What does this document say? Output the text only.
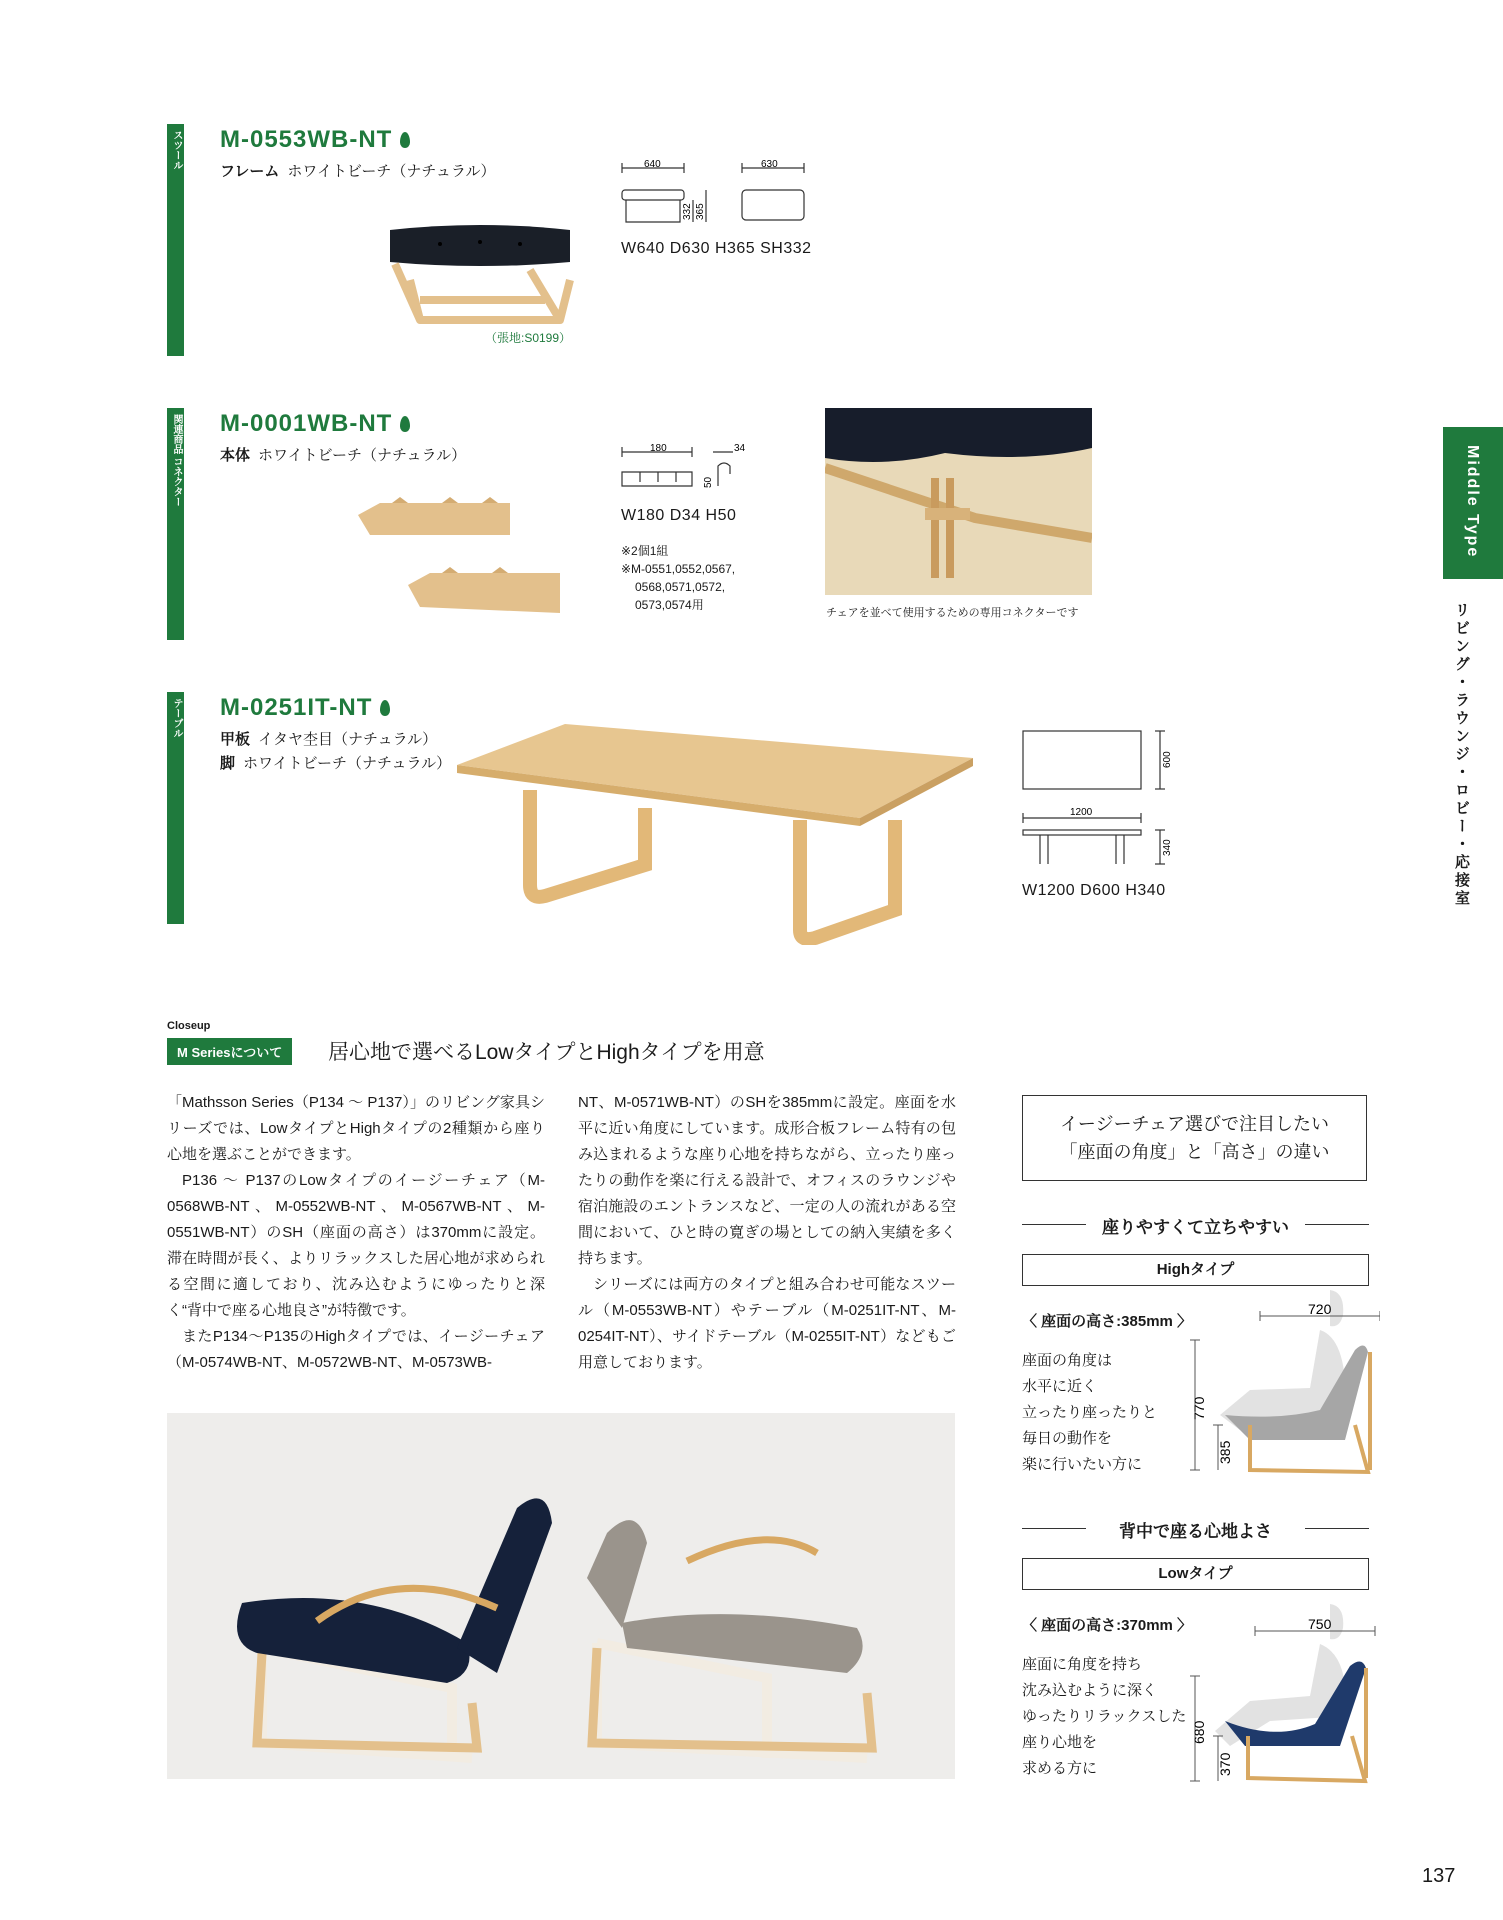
スツール M-0553WB-NT
フレーム ホワイトビーチ（ナチュラル）
（張地:S0199）
640	630
332 365
W640 D630 H365 SH332
関連商品 コネクター M-0001WB-NT
本体 ホワイトビーチ（ナチュラル）	180	34
50
W180 D34 H50
※2個1組
※M-0551,0552,0567,
0568,0571,0572,
0573,0574用
チェアを並べて使用するための専用コネクターです
テーブル M-0251IT-NT
甲板 イタヤ杢目（ナチュラル）
脚 ホワイトビーチ（ナチュラル）	600
1200
340
W1200 D600 H340
Middle Type
リビング・ラウンジ・ロビー・応接室
Closeup
M Seriesについて	居心地で選べるLowタイプとHighタイプを用意

「Mathsson Series（P134 ～ P137）」のリビング家具シリーズでは、LowタイプとHighタイプの2種類から座り心地を選ぶことができます。

P136 ～ P137のLowタイプのイージーチェア（M-0568WB-NT、M-0552WB-NT、M-0567WB-NT、M-0551WB-NT）のSH（座面の高さ）は370mmに設定。滞在時間が長く、よりリラックスした居心地が求められる空間に適しており、沈み込むようにゆったりと深く“背中で座る心地良さ”が特徴です。

またP134～P135のHighタイプでは、イージーチェア（M-0574WB-NT、M-0572WB-NT、M-0573WB-

NT、M-0571WB-NT）のSHを385mmに設定。座面を水平に近い角度にしています。成形合板フレーム特有の包み込まれるような座り心地を持ちながら、立ったり座ったりの動作を楽に行える設計で、オフィスのラウンジや宿泊施設のエントランスなど、一定の人の流れがある空間において、ひと時の寛ぎの場としての納入実績を多く持ちます。

シリーズには両方のタイプと組み合わせ可能なスツール（M-0553WB-NT）やテーブル（M-0251IT-NT、M-0254IT-NT）、サイドテーブル（M-0255IT-NT）などもご用意しております。

イージーチェア選びで注目したい
「座面の角度」と「高さ」の違い
座りやすくて立ちやすい
Highタイプ
〈 座面の高さ:385mm 〉
座面の角度は
水平に近く
立ったり座ったりと
毎日の動作を
楽に行いたい方に
720
770
385
背中で座る心地よさ
Lowタイプ
〈 座面の高さ:370mm 〉
座面に角度を持ち
沈み込むように深く
ゆったりリラックスした
座り心地を
求める方に
750
680
370
137
